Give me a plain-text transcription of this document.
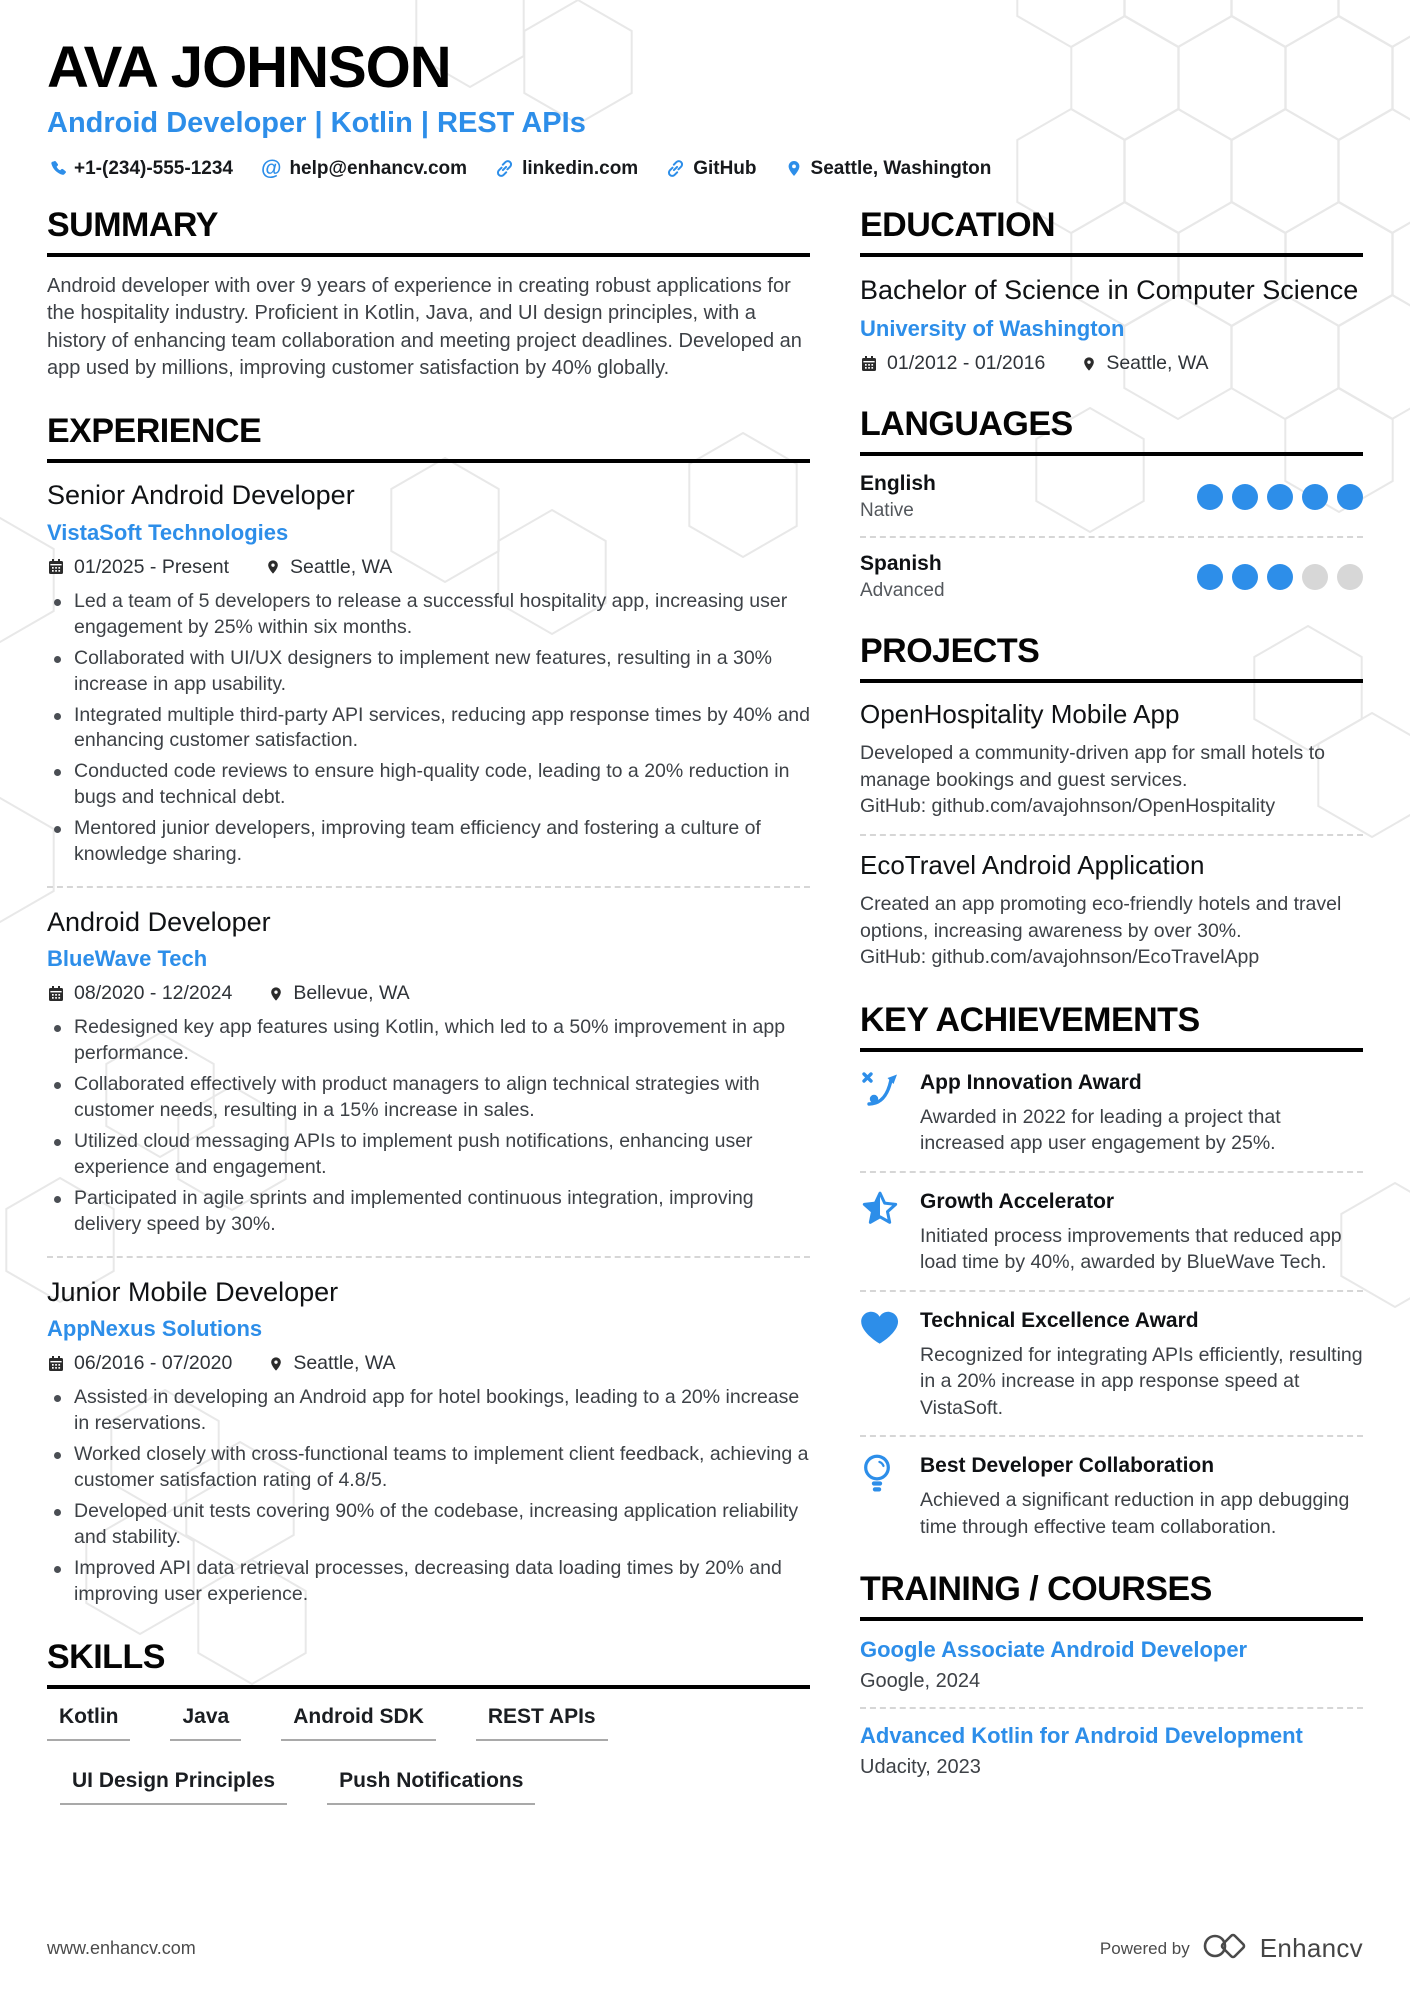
AVA JOHNSON
Android Developer | Kotlin | REST APIs
+1-(234)-555-1234 @ help@enhancv.com	linkedin.com	GitHub	Seattle, Washington
SUMMARY

Android developer with over 9 years of experience in creating robust applications for the hospitality industry. Proficient in Kotlin, Java, and UI design principles, with a history of enhancing team collaboration and meeting project deadlines. Developed an app used by millions, improving customer satisfaction by 40% globally.

EXPERIENCE
Senior Android Developer
VistaSoft Technologies
01/2025 - Present	Seattle, WA
Led a team of 5 developers to release a successful hospitality app, increasing user engagement by 25% within six months.
Collaborated with UI/UX designers to implement new features, resulting in a 30% increase in app usability.
Integrated multiple third-party API services, reducing app response times by 40% and enhancing customer satisfaction.
Conducted code reviews to ensure high-quality code, leading to a 20% reduction in bugs and technical debt.
Mentored junior developers, improving team efficiency and fostering a culture of knowledge sharing.
Android Developer
BlueWave Tech
08/2020 - 12/2024	Bellevue, WA
Redesigned key app features using Kotlin, which led to a 50% improvement in app performance.
Collaborated effectively with product managers to align technical strategies with customer needs, resulting in a 15% increase in sales.
Utilized cloud messaging APIs to implement push notifications, enhancing user experience and engagement.
Participated in agile sprints and implemented continuous integration, improving delivery speed by 30%.
Junior Mobile Developer
AppNexus Solutions
06/2016 - 07/2020	Seattle, WA
Assisted in developing an Android app for hotel bookings, leading to a 20% increase in reservations.
Worked closely with cross-functional teams to implement client feedback, achieving a customer satisfaction rating of 4.8/5.
Developed unit tests covering 90% of the codebase, increasing application reliability and stability.
Improved API data retrieval processes, decreasing data loading times by 20% and improving user experience.
SKILLS
Kotlin	Java	Android SDK	REST APIs
UI Design Principles	Push Notifications
EDUCATION
Bachelor of Science in Computer Science
University of Washington
01/2012 - 01/2016	Seattle, WA
LANGUAGES
English
Native
Spanish
Advanced
PROJECTS
OpenHospitality Mobile App

Developed a community-driven app for small hotels to manage bookings and guest services.

GitHub: github.com/avajohnson/OpenHospitality

EcoTravel Android Application

Created an app promoting eco-friendly hotels and travel options, increasing awareness by over 30%.

GitHub: github.com/avajohnson/EcoTravelApp

KEY ACHIEVEMENTS
App Innovation Award
Awarded in 2022 for leading a project that increased app user engagement by 25%.
Growth Accelerator
Initiated process improvements that reduced app load time by 40%, awarded by BlueWave Tech.
Technical Excellence Award
Recognized for integrating APIs efficiently, resulting in a 20% increase in app response speed at VistaSoft.
Best Developer Collaboration
Achieved a significant reduction in app debugging time through effective team collaboration.
TRAINING / COURSES
Google Associate Android Developer
Google, 2024
Advanced Kotlin for Android Development
Udacity, 2023
www.enhancv.com	Powered by	Enhancv
